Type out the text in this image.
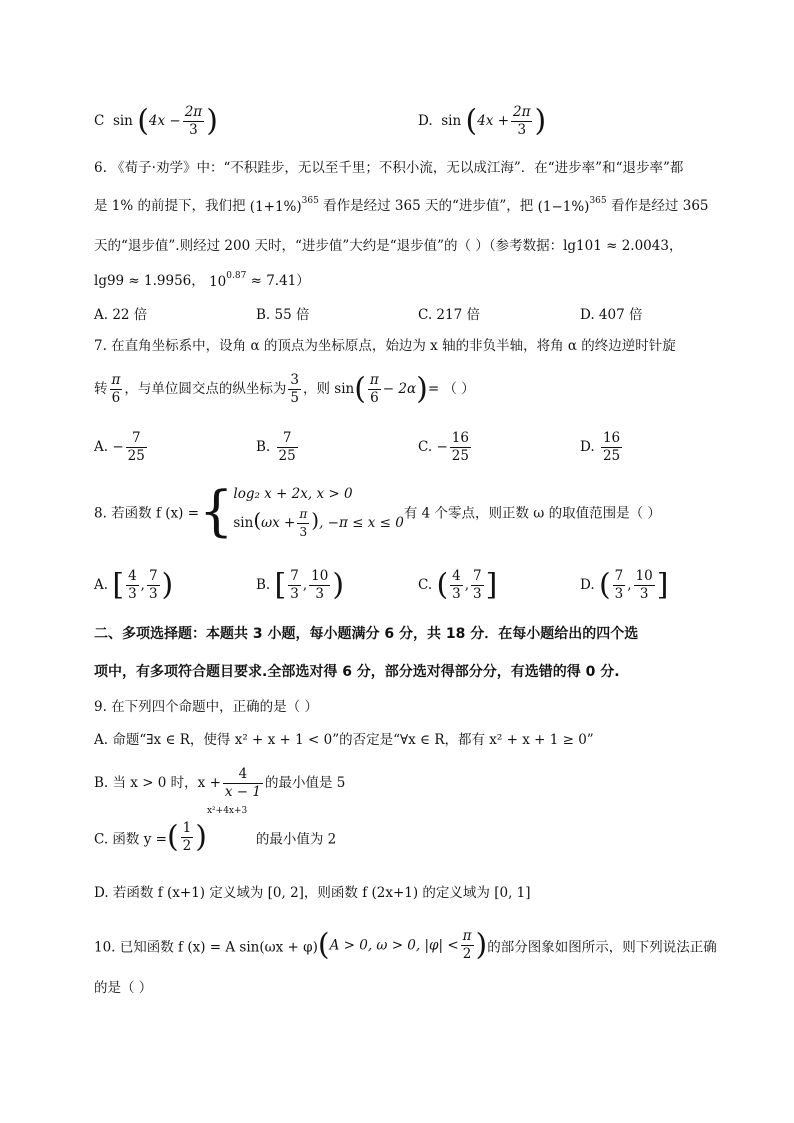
C $\sin (4x - \frac{2\pi}{3}$ )	D. $\sin (4x + \frac{2\pi}{3}$ )
6. 《荀子·劝学》中：“不积跬步，无以至千里；不积小流，无以成江海”．在“进步率”和“退步率”都
是 1% 的前提下，我们把 $(1+1\%)^{365}$ 看作是经过 365 天的“进步值”，把 $(1-1\%)^{365}$ 看作是经过 365
天的“退步值”.则经过 200 天时，“进步值”大约是“退步值”的（ ）（参考数据：lg101 ≈ 2.0043，
lg99 ≈ 1.9956， $10^{0.87} \approx 7.41$）
A. 22 倍	B. 55 倍	C. 217 倍	D. 407 倍
7. 在直角坐标系中，设角 α 的顶点为坐标原点，始边为 x 轴的非负半轴，将角 α 的终边逆时针旋
转 $\frac{\pi}{6}$ ，与单位圆交点的纵坐标为 $\frac{3}{5}$ ，则 $\sin( \frac{\pi}{6} - 2\alpha)=$ （ ）
A. − $\frac{7}{25}$	B. $\frac{7}{25}$	C. − $\frac{16}{25}$	D. $\frac{16}{25}$
8. 若函数 f (x) ={ log₂ x + 2x, x > 0
$\sin(\omega x + \frac{\pi}{3}$ ), −π ≤ x ≤ 0
有 4 个零点，则正数 ω 的取值范围是（ ）
A. [ $\frac{4}{3}$ , $\frac{7}{3}$ )	B. [ $\frac{7}{3}$ , $\frac{10}{3}$ )	C. ( $\frac{4}{3}$ , $\frac{7}{3}$ ]	D. ( $\frac{7}{3}$ , $\frac{10}{3}$ ]
二、多项选择题：本题共 3 小题，每小题满分 6 分，共 18 分．在每小题给出的四个选
项中，有多项符合题目要求.全部选对得 6 分，部分选对得部分分，有选错的得 0 分.
9. 在下列四个命题中，正确的是（ ）
A. 命题“∃x ∈ R，使得 x² + x + 1 < 0”的否定是“∀x ∈ R，都有 x² + x + 1 ≥ 0”
B. 当 x > 0 时，$x + \frac{4}{x - 1}$ 的最小值是 5
C. 函数 y =( $\frac{1}{2} )^{x^2+4x+3}$  的最小值为 2
D. 若函数 f (x+1) 定义域为 [0, 2]，则函数 f (2x+1) 的定义域为 [0, 1]
10. 已知函数 f (x) = A sin(ωx + φ)(A > 0, ω > 0, $|\varphi| < \frac{\pi}{2}$ )的部分图象如图所示，则下列说法正确
的是（ ）
